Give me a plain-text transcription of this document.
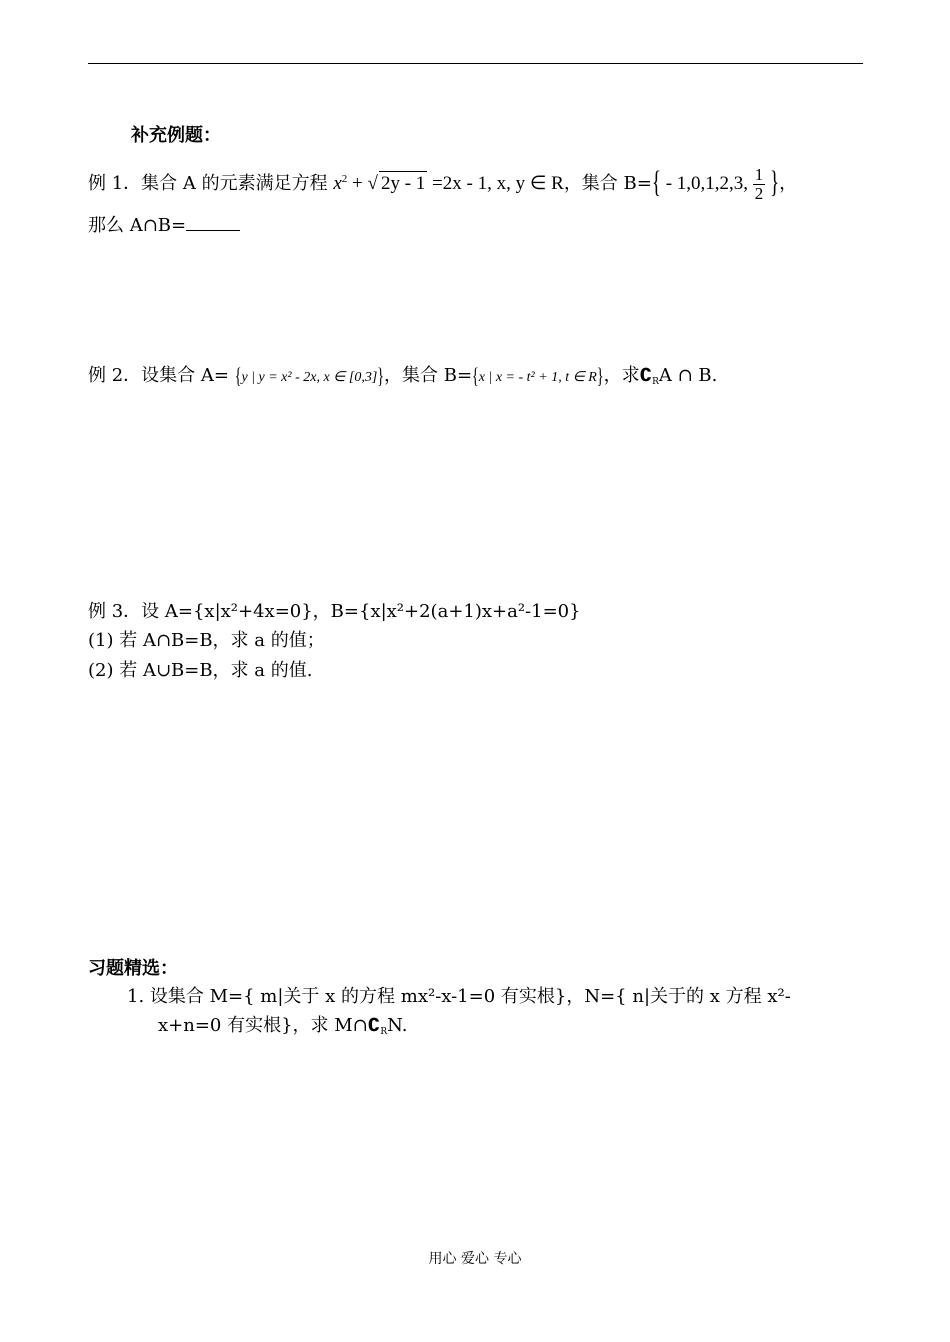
补充例题：
例 1．集合 A 的元素满足方程 $x^2$ + √ 2y - 1 =2x - 1, x, y ∈ R，集合 B={ - 1,0,1,2,3, $\frac{1}{2}$ }，
那么 A∩B=
例 2．设集合 A= {y | y = x² - 2x, x ∈ [0,3]}，集合 B={x | x = - t² + 1, t ∈ R}，求$∁_RA$ ∩ B.
例 3．设 A={x|x²+4x=0}，B={x|x²+2(a+1)x+a²-1=0}
(1) 若 A∩B=B，求 a 的值；
(2) 若 A∪B=B，求 a 的值.
习题精选：
1. 设集合 M={ m|关于 x 的方程 mx²-x-1=0 有实根}，N={ n|关于的 x 方程 x²-
x+n=0 有实根}，求 $M\cap∁_RN$.
用心 爱心 专心
